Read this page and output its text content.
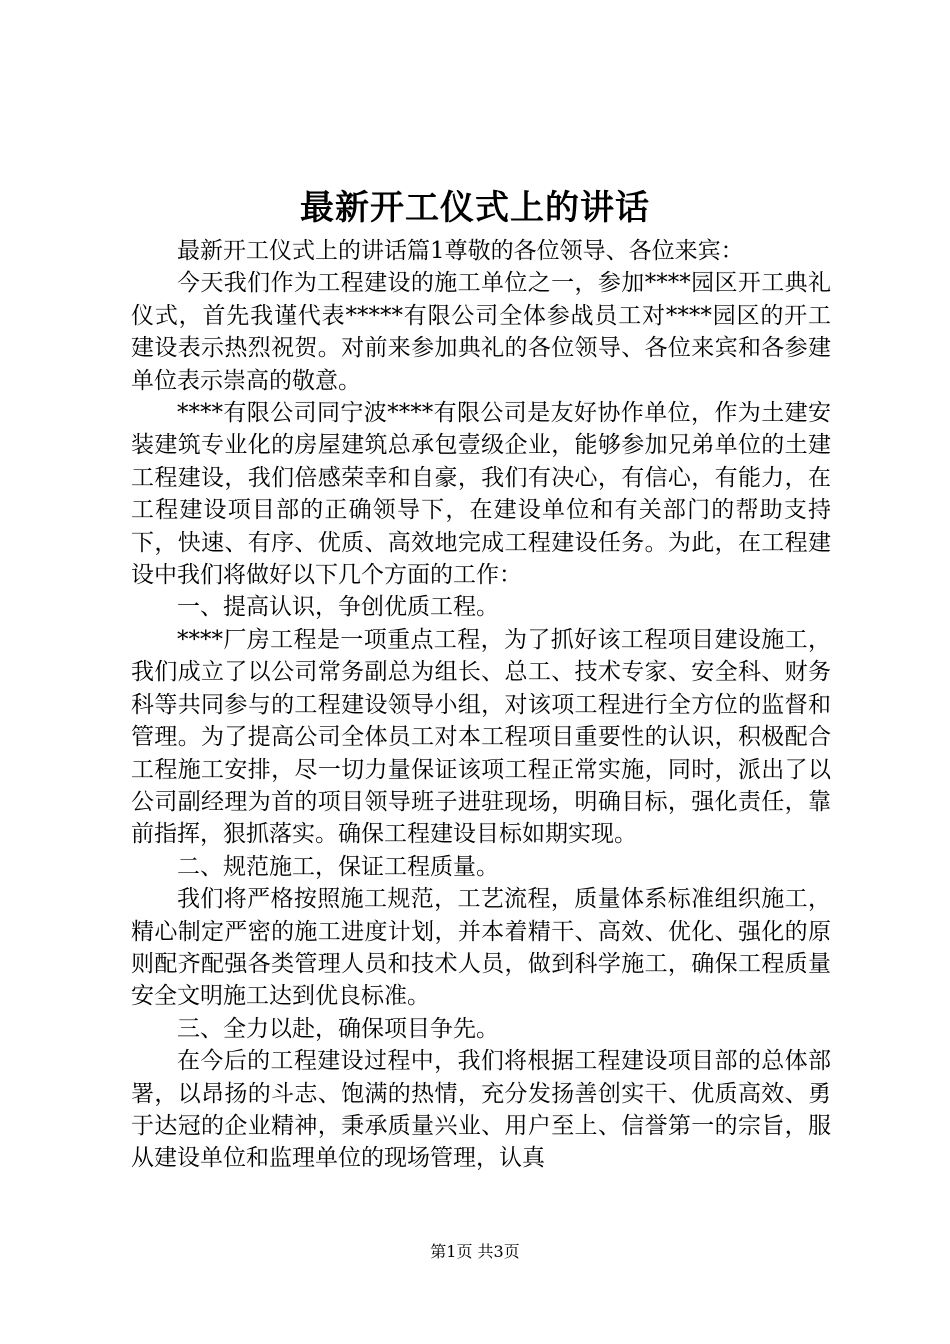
最新开工仪式上的讲话

最新开工仪式上的讲话篇1尊敬的各位领导、各位来宾：

今天我们作为工程建设的施工单位之一，参加****园区开工典礼仪式，首先我谨代表*****有限公司全体参战员工对****园区的开工建设表示热烈祝贺。对前来参加典礼的各位领导、各位来宾和各参建单位表示崇高的敬意。

****有限公司同宁波****有限公司是友好协作单位，作为土建安装建筑专业化的房屋建筑总承包壹级企业，能够参加兄弟单位的土建工程建设，我们倍感荣幸和自豪，我们有决心，有信心，有能力，在工程建设项目部的正确领导下，在建设单位和有关部门的帮助支持下，快速、有序、优质、高效地完成工程建设任务。为此，在工程建设中我们将做好以下几个方面的工作：

一、提高认识，争创优质工程。

****厂房工程是一项重点工程，为了抓好该工程项目建设施工，我们成立了以公司常务副总为组长、总工、技术专家、安全科、财务科等共同参与的工程建设领导小组，对该项工程进行全方位的监督和管理。为了提高公司全体员工对本工程项目重要性的认识，积极配合工程施工安排，尽一切力量保证该项工程正常实施，同时，派出了以公司副经理为首的项目领导班子进驻现场，明确目标，强化责任，靠前指挥，狠抓落实。确保工程建设目标如期实现。

二、规范施工，保证工程质量。

我们将严格按照施工规范，工艺流程，质量体系标准组织施工，精心制定严密的施工进度计划，并本着精干、高效、优化、强化的原则配齐配强各类管理人员和技术人员，做到科学施工，确保工程质量安全文明施工达到优良标准。

三、全力以赴，确保项目争先。

在今后的工程建设过程中，我们将根据工程建设项目部的总体部署，以昂扬的斗志、饱满的热情，充分发扬善创实干、优质高效、勇于达冠的企业精神，秉承质量兴业、用户至上、信誉第一的宗旨，服从建设单位和监理单位的现场管理，认真

第1页 共3页
